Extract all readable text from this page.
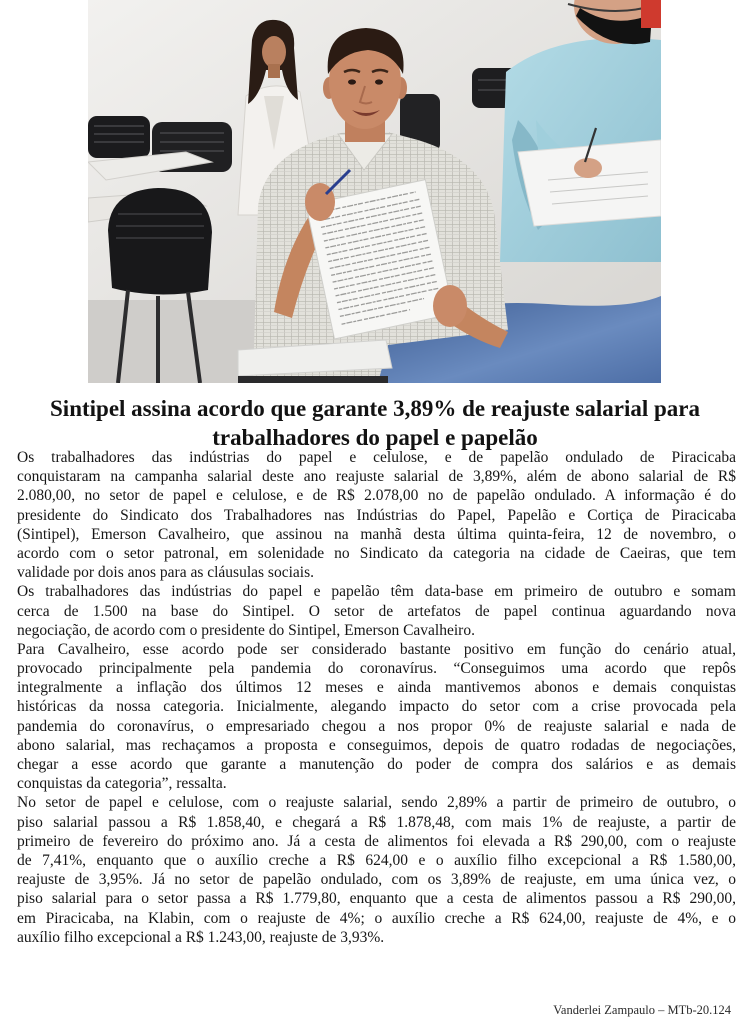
Sintipel assina acordo que garante 3,89% de reajuste salarial para
trabalhadores do papel e papelão
Os trabalhadores das indústrias do papel e celulose, e de papelão ondulado de Piracicaba
conquistaram na campanha salarial deste ano reajuste salarial de 3,89%, além de abono salarial de R$
2.080,00, no setor de papel e celulose, e de R$ 2.078,00 no de papelão ondulado. A informação é do
presidente do Sindicato dos Trabalhadores nas Indústrias do Papel, Papelão e Cortiça de Piracicaba
(Sintipel), Emerson Cavalheiro, que assinou na manhã desta última quinta-feira, 12 de novembro, o
acordo com o setor patronal, em solenidade no Sindicato da categoria na cidade de Caeiras, que tem
validade por dois anos para as cláusulas sociais.
Os trabalhadores das indústrias do papel e papelão têm data-base em primeiro de outubro e somam
cerca de 1.500 na base do Sintipel. O setor de artefatos de papel continua aguardando nova
negociação, de acordo com o presidente do Sintipel, Emerson Cavalheiro.
Para Cavalheiro, esse acordo pode ser considerado bastante positivo em função do cenário atual,
provocado principalmente pela pandemia do coronavírus. “Conseguimos uma acordo que repôs
integralmente a inflação dos últimos 12 meses e ainda mantivemos abonos e demais conquistas
históricas da nossa categoria. Inicialmente, alegando impacto do setor com a crise provocada pela
pandemia do coronavírus, o empresariado chegou a nos propor 0% de reajuste salarial e nada de
abono salarial, mas rechaçamos a proposta e conseguimos, depois de quatro rodadas de negociações,
chegar a esse acordo que garante a manutenção do poder de compra dos salários e as demais
conquistas da categoria”, ressalta.
No setor de papel e celulose, com o reajuste salarial, sendo 2,89% a partir de primeiro de outubro, o
piso salarial passou a R$ 1.858,40, e chegará a R$ 1.878,48, com mais 1% de reajuste, a partir de
primeiro de fevereiro do próximo ano. Já a cesta de alimentos foi elevada a R$ 290,00, com o reajuste
de 7,41%, enquanto que o auxílio creche a R$ 624,00 e o auxílio filho excepcional a R$ 1.580,00,
reajuste de 3,95%. Já no setor de papelão ondulado, com os 3,89% de reajuste, em uma única vez, o
piso salarial para o setor passa a R$ 1.779,80, enquanto que a cesta de alimentos passou a R$ 290,00,
em Piracicaba, na Klabin, com o reajuste de 4%; o auxílio creche a R$ 624,00, reajuste de 4%, e o
auxílio filho excepcional a R$ 1.243,00, reajuste de 3,93%.
Vanderlei Zampaulo – MTb-20.124
